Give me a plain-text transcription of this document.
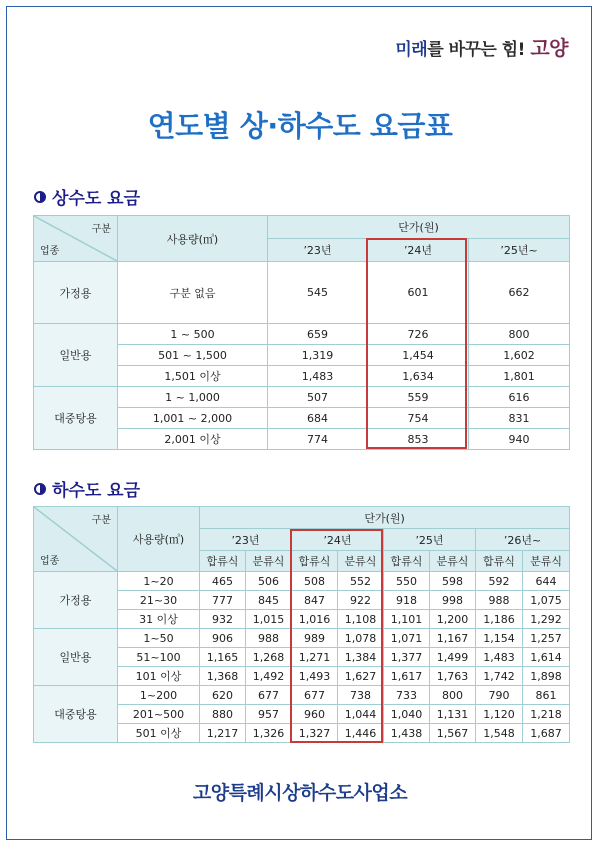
미래를 바꾸는 힘! 고양
연도별 상·하수도 요금표
상수도 요금
구분
업종	사용량(㎥)	단가(원)		
		’23년	’24년	’25년~
가정용	구분 없음	545	601	662
일반용	1 ~ 500	659	726	800
	501 ~ 1,500	1,319	1,454	1,602
	1,501 이상	1,483	1,634	1,801
대중탕용	1 ~ 1,000	507	559	616
	1,001 ~ 2,000	684	754	831
	2,001 이상	774	853	940
하수도 요금
구분
업종	사용량(㎥)	단가(원)							
		’23년		’24년		’25년		’26년~	
		합류식	분류식	합류식	분류식	합류식	분류식	합류식	분류식
가정용	1~20	465	506	508	552	550	598	592	644
	21~30	777	845	847	922	918	998	988	1,075
	31 이상	932	1,015	1,016	1,108	1,101	1,200	1,186	1,292
일반용	1~50	906	988	989	1,078	1,071	1,167	1,154	1,257
	51~100	1,165	1,268	1,271	1,384	1,377	1,499	1,483	1,614
	101 이상	1,368	1,492	1,493	1,627	1,617	1,763	1,742	1,898
대중탕용	1~200	620	677	677	738	733	800	790	861
	201~500	880	957	960	1,044	1,040	1,131	1,120	1,218
	501 이상	1,217	1,326	1,327	1,446	1,438	1,567	1,548	1,687
고양특례시상하수도사업소
